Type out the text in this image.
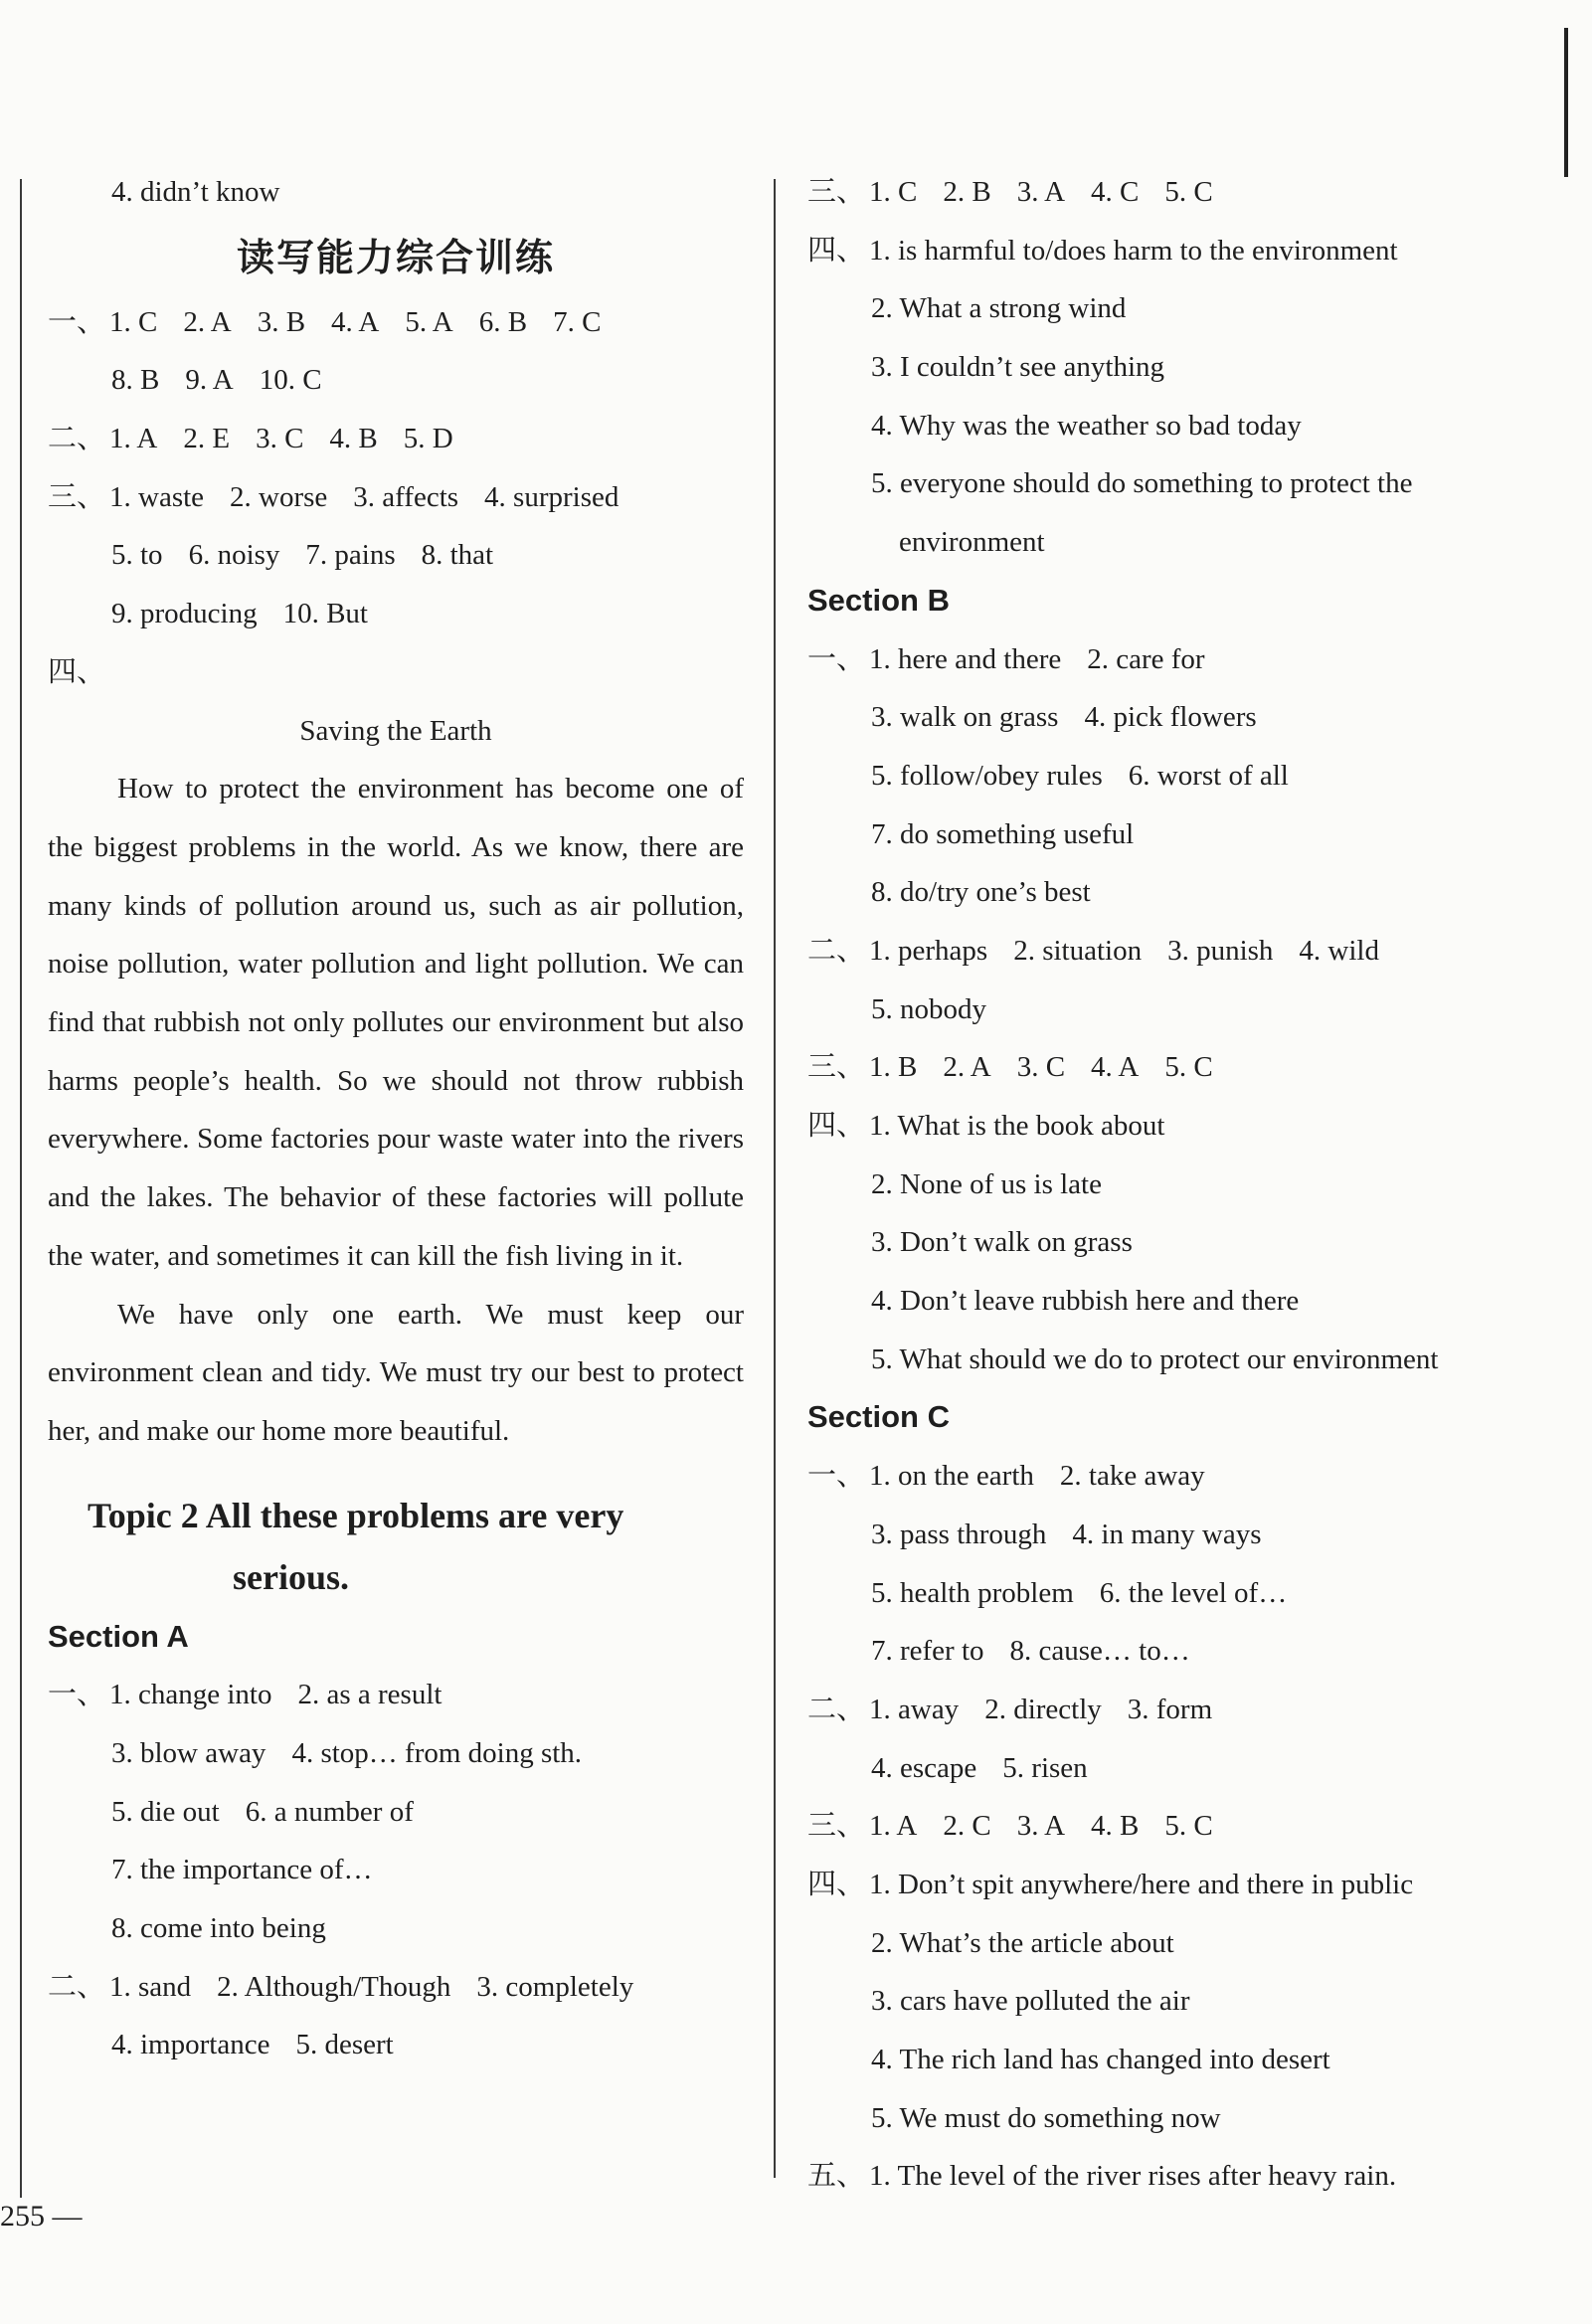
4. didn’t know
读写能力综合训练
一、 1. C 2. A 3. B 4. A 5. A 6. B 7. C
8. B 9. A 10. C
二、 1. A 2. E 3. C 4. B 5. D
三、 1. waste 2. worse 3. affects 4. surprised
5. to 6. noisy 7. pains 8. that
9. producing 10. But
四、
Saving the Earth

How to protect the environment has become one of the biggest problems in the world. As we know, there are many kinds of pollution around us, such as air pollution, noise pollution, water pollution and light pollution. We can find that rubbish not only pollutes our environment but also harms people’s health. So we should not throw rubbish everywhere. Some factories pour waste water into the rivers and the lakes. The behavior of these factories will pollute the water, and sometimes it can kill the fish living in it.

We have only one earth. We must keep our environment clean and tidy. We must try our best to protect her, and make our home more beautiful.

Topic 2 All these problems are very
serious.
Section A
一、 1. change into 2. as a result
3. blow away 4. stop… from doing sth.
5. die out 6. a number of
7. the importance of…
8. come into being
二、 1. sand 2. Although/Though 3. completely
4. importance 5. desert
三、 1. C 2. B 3. A 4. C 5. C
四、 1. is harmful to/does harm to the environment
2. What a strong wind
3. I couldn’t see anything
4. Why was the weather so bad today
5. everyone should do something to protect the
environment
Section B
一、 1. here and there 2. care for
3. walk on grass 4. pick flowers
5. follow/obey rules 6. worst of all
7. do something useful
8. do/try one’s best
二、 1. perhaps 2. situation 3. punish 4. wild
5. nobody
三、 1. B 2. A 3. C 4. A 5. C
四、 1. What is the book about
2. None of us is late
3. Don’t walk on grass
4. Don’t leave rubbish here and there
5. What should we do to protect our environment
Section C
一、 1. on the earth 2. take away
3. pass through 4. in many ways
5. health problem 6. the level of…
7. refer to 8. cause… to…
二、 1. away 2. directly 3. form
4. escape 5. risen
三、 1. A 2. C 3. A 4. B 5. C
四、 1. Don’t spit anywhere/here and there in public
2. What’s the article about
3. cars have polluted the air
4. The rich land has changed into desert
5. We must do something now
五、 1. The level of the river rises after heavy rain.
255 —
